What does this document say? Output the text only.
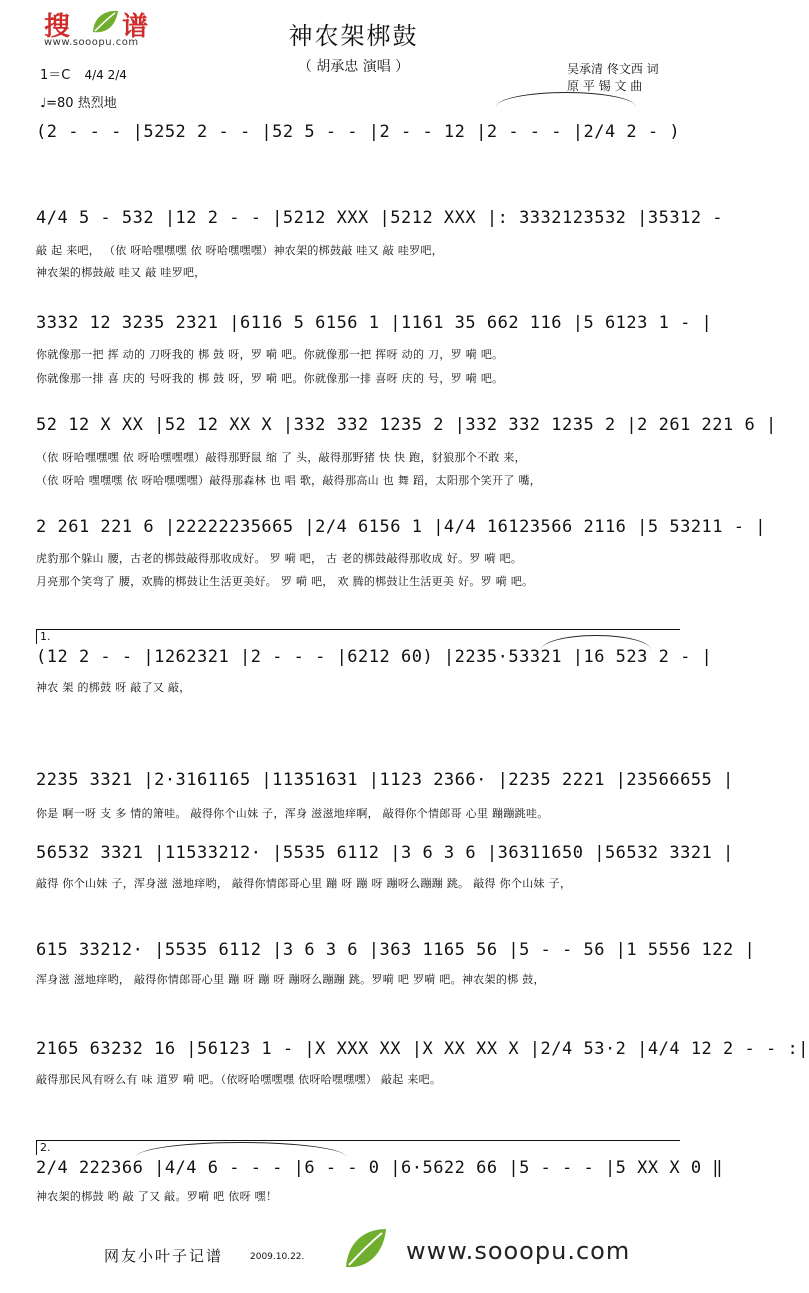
搜 谱
www.sooopu.com	神农架梆鼓
（ 胡承忠 演唱 ）
1＝C 4/4 2/4
♩=80 热烈地
吴承清 佟文西 词
原 平 锡 文 曲
(2 - - - |5252 2 - - |52 5 - - |2 - - 12 |2 - - - |2/4 2 - )
4/4 5 - 532 |12 2 - - |5212 XXX |5212 XXX |: 3332123532 |35312 -
敲 起 来吧， （依 呀哈嘿嘿嘿 依 呀哈嘿嘿嘿）神农架的梆鼓敲 哇又 敲 哇罗吧，
神农架的梆鼓敲 哇又 敲 哇罗吧，
3332 12 3235 2321 |6116 5 6156 1 |1161 35 662 116 |5 6123 1 - |
你就像那一把 挥 动的 刀呀我的 梆 鼓 呀，罗 嗬 吧。你就像那一把 挥呀 动的 刀，罗 嗬 吧。
你就像那一排 喜 庆的 号呀我的 梆 鼓 呀，罗 嗬 吧。你就像那一排 喜呀 庆的 号，罗 嗬 吧。
52 12 X XX |52 12 XX X |332 332 1235 2 |332 332 1235 2 |2 261 221 6 |
（依 呀哈嘿嘿嘿 依 呀哈嘿嘿嘿）敲得那野鼠 缩 了 头，敲得那野猪 快 快 跑，豺狼那个不敢 来，
（依 呀哈 嘿嘿嘿 依 呀哈嘿嘿嘿）敲得那森林 也 唱 歌，敲得那高山 也 舞 蹈，太阳那个笑开了 嘴，
2 261 221 6 |22222235665 |2/4 6156 1 |4/4 16123566 2116 |5 53211 - |
虎豹那个躲山 腰，古老的梆鼓敲得那收成好。 罗 嗬 吧， 古 老的梆鼓敲得那收成 好。罗 嗬 吧。
月亮那个笑弯了 腰，欢腾的梆鼓让生活更美好。 罗 嗬 吧， 欢 腾的梆鼓让生活更美 好。罗 嗬 吧。
1.
(12 2 - - |1262321 |2 - - - |6212 60) |2235·53321 |16 523 2 - |
神农 架 的梆鼓 呀 敲了又 敲，
2235 3321 |2·3161165 |11351631 |1123 2366· |2235 2221 |23566655 |
你是 啊一呀 支 多 情的箫哇。 敲得你个山妹 子，浑身 滋滋地痒啊， 敲得你个情郎哥 心里 蹦蹦跳哇。
56532 3321 |11533212· |5535 6112 |3 6 3 6 |36311650 |56532 3321 |
敲得 你个山妹 子，浑身滋 滋地痒哟， 敲得你情郎哥心里 蹦 呀 蹦 呀 蹦呀么蹦蹦 跳。 敲得 你个山妹 子，
615 33212· |5535 6112 |3 6 3 6 |363 1165 56 |5 - - 56 |1 5556 122 |
浑身滋 滋地痒哟， 敲得你情郎哥心里 蹦 呀 蹦 呀 蹦呀么蹦蹦 跳。罗嗬 吧 罗嗬 吧。神农架的梆 鼓，
2165 63232 16 |56123 1 - |X XXX XX |X XX XX X |2/4 53·2 |4/4 12 2 - - :|
敲得那民风有呀么有 味 道罗 嗬 吧。（依呀哈嘿嘿嘿 依呀哈嘿嘿嘿） 敲起 来吧。
2.
2/4 222366 |4/4 6 - - - |6 - - 0 |6·5622 66 |5 - - - |5 XX X 0 ‖
神农架的梆鼓 哟 敲 了又 敲。罗嗬 吧 依呀 嘿！
网友小叶子记谱	2009.10.22.	www.sooopu.com
